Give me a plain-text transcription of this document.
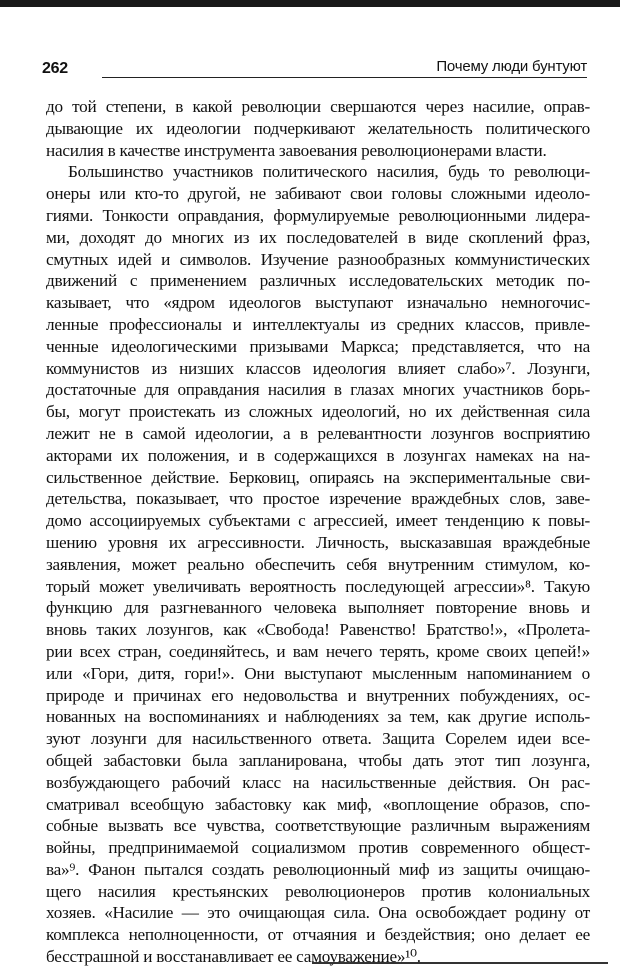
262	Почему люди бунтуют
до той степени, в какой революции свершаются через насилие, оправ-
дывающие их идеологии подчеркивают желательность политического
насилия в качестве инструмента завоевания революционерами власти.
Большинство участников политического насилия, будь то революци-
онеры или кто-то другой, не забивают свои головы сложными идеоло-
гиями. Тонкости оправдания, формулируемые революционными лидера-
ми, доходят до многих из их последователей в виде скоплений фраз,
смутных идей и символов. Изучение разнообразных коммунистических
движений с применением различных исследовательских методик по-
казывает, что «ядром идеологов выступают изначально немногочис-
ленные профессионалы и интеллектуалы из средних классов, привле-
ченные идеологическими призывами Маркса; представляется, что на
коммунистов из низших классов идеология влияет слабо»⁷. Лозунги,
достаточные для оправдания насилия в глазах многих участников борь-
бы, могут проистекать из сложных идеологий, но их действенная сила
лежит не в самой идеологии, а в релевантности лозунгов восприятию
акторами их положения, и в содержащихся в лозунгах намеках на на-
сильственное действие. Берковиц, опираясь на экспериментальные сви-
детельства, показывает, что простое изречение враждебных слов, заве-
домо ассоциируемых субъектами с агрессией, имеет тенденцию к повы-
шению уровня их агрессивности. Личность, высказавшая враждебные
заявления, может реально обеспечить себя внутренним стимулом, ко-
торый может увеличивать вероятность последующей агрессии»⁸. Такую
функцию для разгневанного человека выполняет повторение вновь и
вновь таких лозунгов, как «Свобода! Равенство! Братство!», «Пролета-
рии всех стран, соединяйтесь, и вам нечего терять, кроме своих цепей!»
или «Гори, дитя, гори!». Они выступают мысленным напоминанием о
природе и причинах его недовольства и внутренних побуждениях, ос-
нованных на воспоминаниях и наблюдениях за тем, как другие исполь-
зуют лозунги для насильственного ответа. Защита Сорелем идеи все-
общей забастовки была запланирована, чтобы дать этот тип лозунга,
возбуждающего рабочий класс на насильственные действия. Он рас-
сматривал всеобщую забастовку как миф, «воплощение образов, спо-
собные вызвать все чувства, соответствующие различным выражениям
войны, предпринимаемой социализмом против современного общест-
ва»⁹. Фанон пытался создать революционный миф из защиты очищаю-
щего насилия крестьянских революционеров против колониальных
хозяев. «Насилие — это очищающая сила. Она освобождает родину от
комплекса неполноценности, от отчаяния и бездействия; оно делает ее
бесстрашной и восстанавливает ее самоуважение»¹⁰.
